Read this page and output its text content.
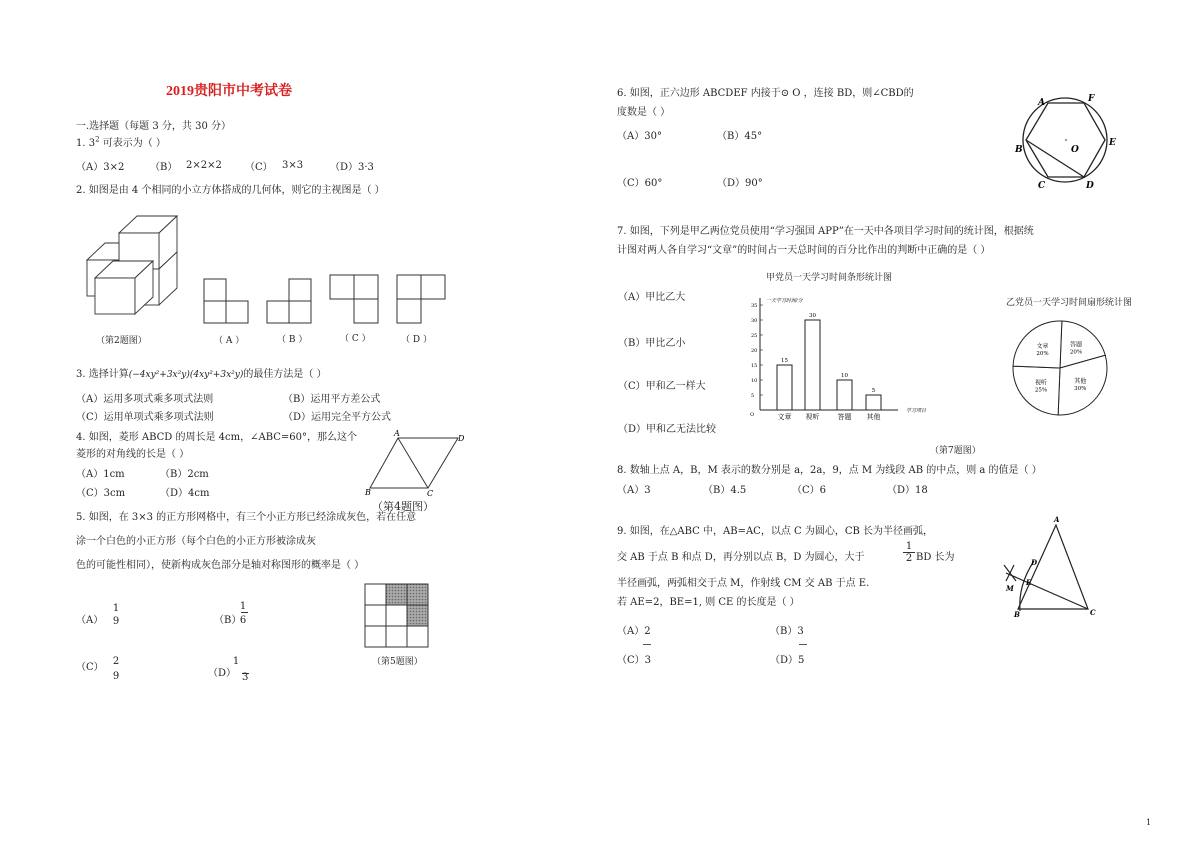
2019贵阳市中考试卷
一.选择题（每题 3 分，共 30 分）
1. $3^2$ 可表示为（ ）
（A）3×2	（B） 2×2×2 （C） 3×3	（D）3·3
2. 如图是由 4 个相同的小立方体搭成的几何体，则它的主视图是（ ）
（第2题图）	（ A ）	（ B ）	（ C ）	（ D ）
3. 选择计算(−4xy²+3x²y)(4xy²+3x²y)的最佳方法是（ ）
（A）运用多项式乘多项式法则	（B）运用平方差公式
（C）运用单项式乘多项式法则	（D）运用完全平方公式
4. 如图，菱形 ABCD 的周长是 4cm，∠ABC=60°，那么这个
菱形的对角线的长是（ ）
（A）1cm	（B）2cm
（C）3cm	（D）4cm
A
B	C
D
（第4题图）
5. 如图，在 3×3 的正方形网格中，有三个小正方形已经涂成灰色，若在任意
涂一个白色的小正方形（每个白色的小正方形被涂成灰
色的可能性相同），使新构成灰色部分是轴对称图形的概率是（ ）
（A）
1
9	（B）
1
6
（C）
2
9	（D）
1
3
（第5题图）
6. 如图，正六边形 ABCDEF 内接于⊙ O ，连接 BD，则∠CBD的
度数是（ ）
（A）30°	（B）45°
（C）60°	（D）90°
A	F
B	O
E
C	D
7. 如图，下列是甲乙两位党员使用“学习强国 APP”在一天中各项目学习时间的统计图，根据统
计图对两人各自学习“文章”的时间占一天总时间的百分比作出的判断中正确的是（ ）
（A）甲比乙大
（B）甲比乙小
（C）甲和乙一样大
（D）甲和乙无法比较
甲党员一天学习时间条形统计图
一天学习时间/分
学习项目
O
5
10
15
20
25
30
35
15
文章
30
视听
10
答题
5
其他
乙党员一天学习时间扇形统计图
答题
20%
其他
30%
视听
25%
文章
20%
（第7题图）
8. 数轴上点 A，B，M 表示的数分别是 a，2a，9，点 M 为线段 AB 的中点，则 a 的值是（ ）
（A）3	（B）4.5	（C）6	（D）18
9. 如图，在△ABC 中，AB=AC，以点 C 为圆心，CB 长为半径画弧，
交 AB 于点 B 和点 D，再分别以点 B，D 为圆心，大于
1
2 BD 长为
半径画弧，两弧相交于点 M，作射线 CM 交 AB 于点 E.
若 AE=2，BE=1, 则 CE 的长度是（ ）
（A）2	（B）3
（C）3	（D）5
A
D
M
E
B	C
1
